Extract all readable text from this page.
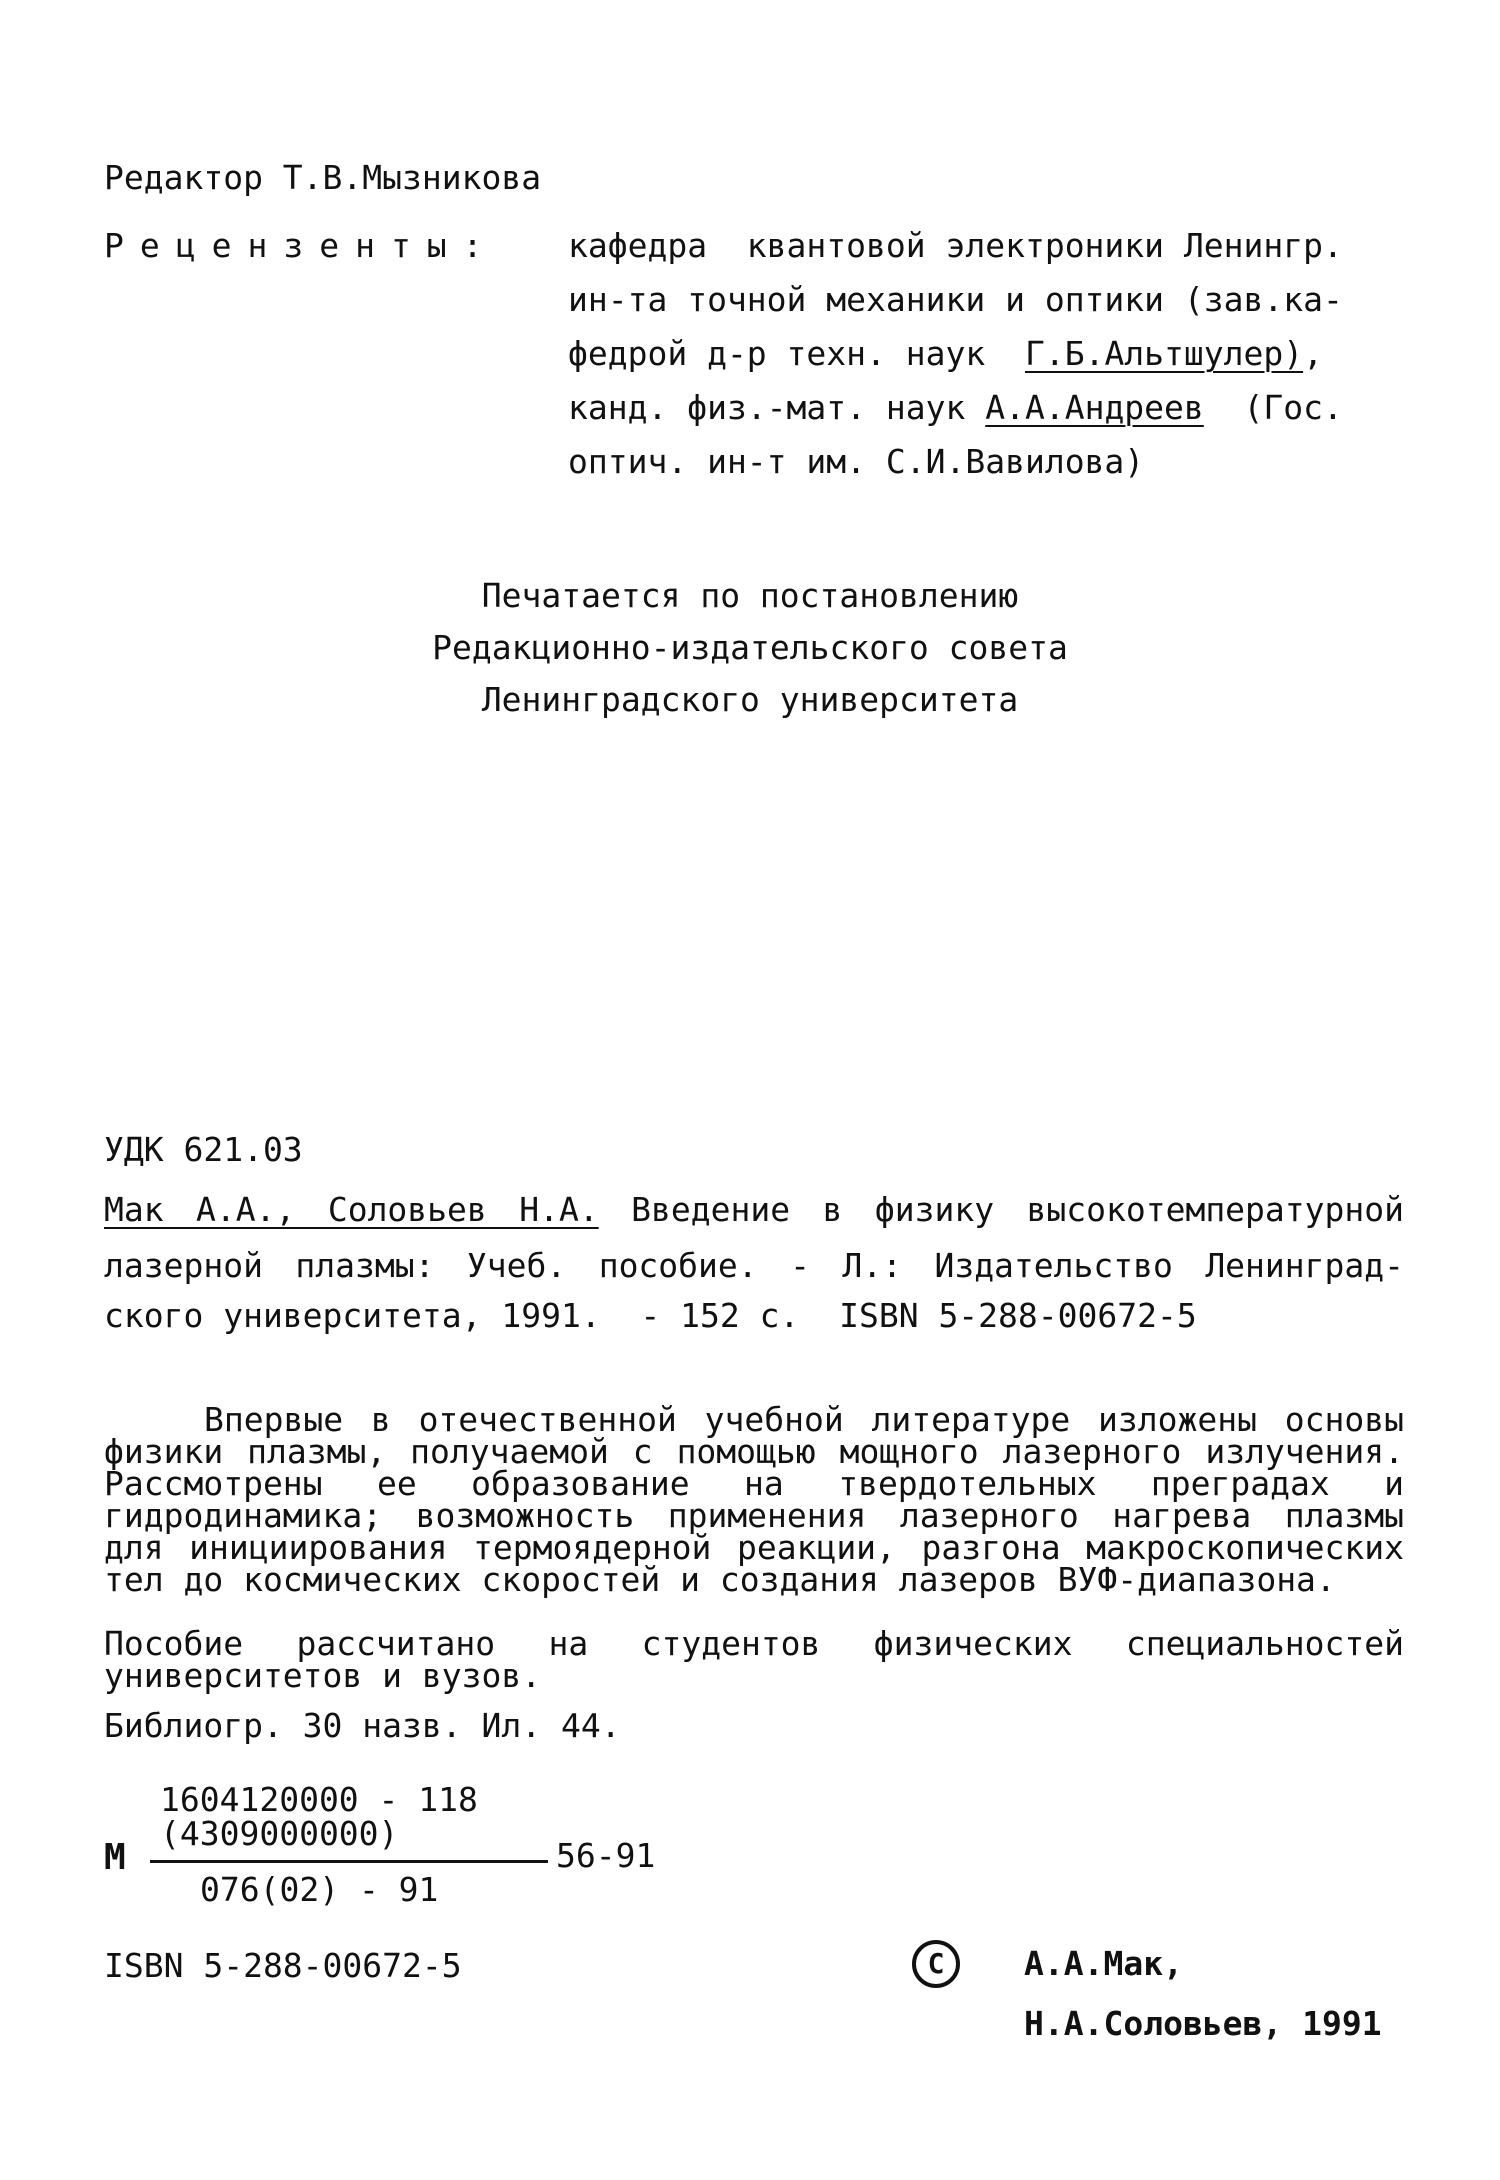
Редактор Т.В.Мызникова
Рецензенты: кафедра  квантовой электроники Ленингр.
ин-та точной механики и оптики (зав.ка-
федрой д-р техн. наук  Г.Б.Альтшулер),
канд. физ.-мат. наук А.А.Андреев  (Гос.
оптич. ин-т им. С.И.Вавилова)
Печатается по постановлению
Редакционно-издательского совета
Ленинградского университета
УДК 621.03
Мак А.А., Соловьев Н.А. Введение в физику высокотемпературной
лазерной плазмы: Учеб. пособие. - Л.: Издательство Ленинград-
ского университета, 1991.  - 152 с.  ISBN 5-288-00672-5
Впервые в отечественной учебной литературе изложены основы физики плазмы, получаемой с помощью мощного лазерного излучения. Рассмотрены ее образование на твердотельных преградах и гидродинамика; возможность применения лазерного нагрева плазмы для инициирования термоядерной реакции, разгона макроскопических тел до космических скоростей и создания лазеров ВУФ-диапазона.
Пособие рассчитано на студентов физических специальностей университетов и вузов.
Библиогр. 30 назв. Ил. 44.
М
1604120000 - 118
(4309000000)
56-91
076(02) - 91
ISBN 5-288-00672-5	C	А.А.Мак,
Н.А.Соловьев, 1991
